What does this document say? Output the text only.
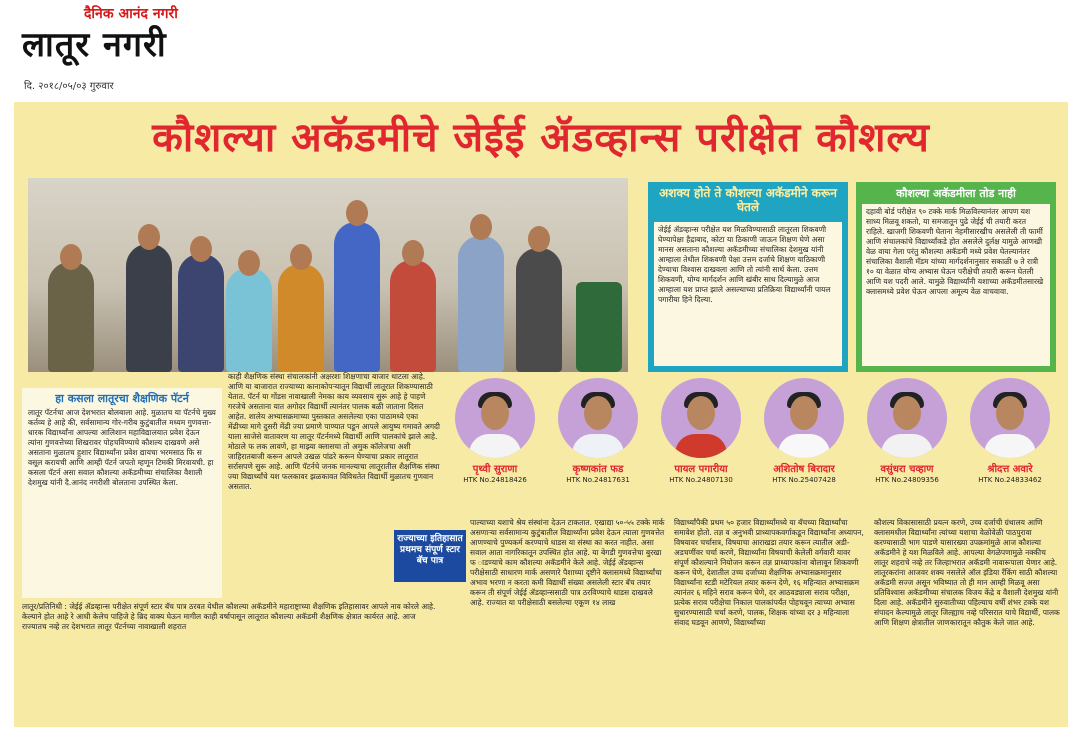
दैनिक आनंद नगरी
लातूर नगरी
दि. २०१८/०५/०३ गुरुवार
कौशल्या अकॅडमीचे जेईई ॲडव्हान्स परीक्षेत कौशल्य
अशक्य होते ते कौशल्या अकॅडमीने करून घेतले
जेईई ॲडव्हान्स परीक्षेत यश मिळविण्यासाठी लातूरला शिकवणी घेण्यापेक्षा हैद्राबाद, कोटा या ठिकाणी जाऊन शिक्षण घेणे असा मानस असताना कौशल्या अकॅडमीच्या संचालिका देशमुख यांनी आम्हाला तेथील शिकवणी पेक्षा उत्तम दर्जाचे शिक्षण याठिकाणी देण्याचा विश्वास दाखवला आणि तो त्यांनी सार्थ केला. उत्तम शिकवणी, योग्य मार्गदर्शन आणि खंबीर साथ दिल्यामुळे आज आम्हाला यश प्राप्त झाले असल्याच्या प्रतिक्रिया विद्यार्थ्यांनी पायल पगारीया हिने दिल्या.
कौशल्या अकॅडमीला तोड नाही
दहावी बोर्ड परीक्षेत ९० टक्के मार्क मिळविल्यानंतर आपण यश साध्य मिळवू शकतो, या समजातून पुढे जेईई ची तयारी करत राहिले. खाजगी शिकवणी घेताना नेहमीसारखीच असलेली ती फार्मी आणि संचालकांचे विद्यार्थ्यांकडे होत असलेले दुर्लक्ष यामुळे आणखी वेळ वाया गेला परंतु कौशल्या अकॅडमी मध्ये प्रवेश घेतल्यानंतर संचालिका वैशाली मॅडम यांच्या मार्गदर्शनानुसार सकाळी ७ ते रात्री १० या वेळात योग्य अभ्यास घेऊन परीक्षेची तयारी करून घेतली आणि यश पदरी आले. यामुळे विद्यार्थ्यांनी यशाच्या अकॅडमीतसारखे क्लासमध्ये प्रवेश घेऊन आपला अमूल्य वेळ वाचवावा.
हा कसला लातूरचा शैक्षणिक पॅटर्न
लातूर पॅटर्नचा आज देशभरात बोलबाला आहे. मुळातच या पॅटर्नचे मुख्य कर्तव्य हे आहे की, सर्वसामान्य गोर-गरीब कुटुंबातील मध्यम गुणवत्ता-धारक विद्यार्थ्यांना आपल्या आलिशान महाविद्यालयात प्रवेश देऊन त्यांना गुणवत्तेच्या शिखरावर पोहचविण्याचे कौशल्य दाखवणे असे असताना मुळातच हुशार विद्यार्थ्यांना प्रवेश द्यायचा भरमसाठ फि स वसूल करायची आणि आम्ही पॅटर्न जपतो म्हणून टिमकी मिरवायची. हा कसला पॅटर्न असा सवाल कौशल्या अकॅडमीच्या संचालिका वैशाली देशमुख यांनी दै.आनंद नगरीशी बोलताना उपस्थित केला.
काही शैक्षणिक संस्था संचालकांनी अक्षरशः शिक्षणाचा बाजार थाटला आहे. आणि या बाजारात राज्याच्या कानाकोपऱ्यातून विद्यार्थी लातूरात शिकण्यासाठी येतात. पॅटर्न या गोंडस नावाखाली नेमका काय व्यवसाय सुरू आहे हे पाहणे गरजेचे असताना यात अगोदर विद्यार्थी त्यानंतर पालक बळी जाताना दिसत आहेत. शालेय अभ्यासक्रमाच्या पुस्तकात असलेल्या एका पाठामध्ये एका मेंढीच्या मागे दुसरी मेंढी ज्या प्रमाणे पाण्यात पडून आपले आयुष्य गमावते अगदी याला साजेसे वातावरण या लातूर पॅटर्नमध्ये विद्यार्थी आणि पालकांचे झाले आहे. मोठाले फ लक लावणे, हा माझ्या क्लासचा तो अमुक कॉलेजचा अशी जाहिरातबाजी करून आपले उखळ पांढरे करून घेण्याचा प्रकार लातूरात सर्रासपणे सुरू आहे. आणि पॅटर्नचे जनक मानल्याचा लातूरातील शैक्षणिक संस्था ज्या विद्यार्थ्यांचे यश फलकावर झळकावत विविधतेत विद्यार्थी मुळातच गुणवान असतात.
लातूर/प्रतिनिधी : जेईई ॲडव्हान्स परीक्षेत संपूर्ण स्टार बॅच पात्र ठरवत येथील कौशल्या अकॅडमीने महाराष्ट्राच्या शैक्षणिक इतिहासावर आपले नाव कोरले आहे. केल्याने होत आहे रे आधी केलेच पाहिजे हे ब्रिद वाक्य घेऊन मागील काही वर्षापासून लातूरात कौशल्या अकॅडमी शैक्षणिक क्षेत्रात कार्यरत आहे. आज राज्यातच नव्हे तर देशभरात लातूर पॅटर्नच्या नावाखाली शहरात
पृथ्वी सुराणा
HTK No.24818426
कृष्णकांत फड
HTK No.24817631
पायल पगारीया
HTK No.24807130
अशितोष बिरादार
HTK No.25407428
वसुंधरा चव्हाण
HTK No.24809356
श्रीदत्त अवारे
HTK No.24833462
राज्याच्या इतिहासात प्रथमच संपूर्ण स्टार बॅच पात्र
पाल्याच्या यशाचे श्रेय संस्थांना देऊन टाकतात. एखाद्या ५०-५५ टक्के मार्क असणाऱ्या सर्वसामान्य कुटुंबातील विद्यार्थ्यांना प्रवेश देऊन त्याला गुणवत्तेत आणण्याचे पुण्यकर्म करण्याचे धाडस या संस्था का करत नाहीत. असा सवाल आता नागरिकातून उपस्थित होत आहे. या बेगडी गुणवत्तेचा बुरखा फ ाडण्याचे काम कौशल्या अकॅडमीने केले आहे. जेईई ॲडव्हान्स परीक्षेसाठी साधारण मार्क असणारे पैशाच्या दृष्टीने क्लासमध्ये विद्यार्थ्यांचा अभाव भरणा न करता कमी विद्यार्थी संख्या असलेली स्टार बॅच तयार करून ती संपूर्ण जेईई ॲडव्हान्ससाठी पात्र ठरविण्याचे धाडस दाखवले आहे. राज्यात या परीक्षेसाठी बसलेल्या एकूण १४ लाख
विद्यार्थ्यांपैकी प्रथम ५० हजार विद्यार्थ्यांमध्ये या बॅचच्या विद्यार्थ्यांचा समावेश होतो. तज्ञ व अनुभवी प्राध्यापकवर्गाकडून विद्यार्थ्यांना अध्यापन, विषयावर चर्चासत्र, विषयाचा आराखडा तयार करून त्यातील अडी-अडचणींवर चर्चा करणे, विद्यार्थ्यांना विषयाची केलेली वर्गवारी यावर संपूर्ण कौशल्याने नियोजन करून तज्ञ प्राध्यापकांना बोलावून शिकवणी करून घेणे, देशातील उच्च दर्जाच्या शैक्षणिक अभ्यासक्रमानुसार विद्यार्थ्यांना स्टडी मटेरियल तयार करून देणे, १६ महिन्यात अभ्यासक्रम त्यानंतर ६ महिने सराव करून घेणे, दर आठवड्याला सराव परीक्षा, प्रत्येक सराव परीक्षेचा निकाल पालकांपर्यंत पोहचवून त्याच्या अभ्यास सुधारण्यासाठी चर्चा करणे, पालक, शिक्षक यांच्या दर ३ महिन्याला संवाद घडवून आणणे, विद्यार्थ्यांच्या
कौशल्य विकासासाठी प्रयत्न करणे, उच्च दर्जाची ग्रंथालय आणि क्लासमधील विद्यार्थ्यांना त्यांच्या यशाचा वेळोवेळी पाठपुरावा करण्यासाठी भाग पाडणे यासारख्या उपक्रमांमुळे आज कौशल्या अकॅडमीने हे यश मिळविले आहे. आपल्या वेगळेपणामुळे नक्कीच लातूर शहराचे नव्हे तर जिल्हाभरात अकॅडमी नावारूपाला येणार आहे. लातूरकरांना आजवर शक्य नसलेले ऑल इंडिया रँकिंग साठी कौशल्या अकॅडमी सज्ज असून भविष्यात तो ही मान आम्ही मिळवू असा प्रतिविश्वास अकॅडमीच्या संचालक विजय केंद्रे व वैशाली देशमुख यांनी दिला आहे. अकॅडमीने सुरुवातीच्या पहिल्याच वर्षी शंभर टक्के यश संपादन केल्यामुळे लातूर जिल्ह्याच नव्हे परिसरात याचे विद्यार्थी, पालक आणि शिक्षण क्षेत्रातील जाणकारातून कौतुक केले जात आहे.
